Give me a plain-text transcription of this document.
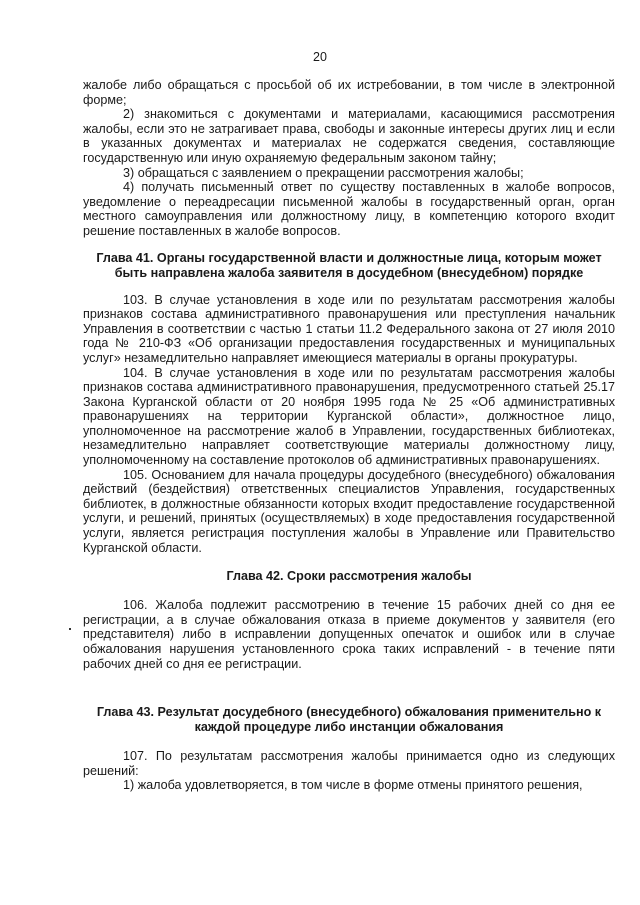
20

жалобе либо обращаться с просьбой об их истребовании, в том числе в электронной форме;

2) знакомиться с документами и материалами, касающимися рассмотрения жалобы, если это не затрагивает права, свободы и законные интересы других лиц и если в указанных документах и материалах не содержатся сведения, составляющие государственную или иную охраняемую федеральным законом тайну;

3) обращаться с заявлением о прекращении рассмотрения жалобы;

4) получать письменный ответ по существу поставленных в жалобе вопросов, уведомление о переадресации письменной жалобы в государственный орган, орган местного самоуправления или должностному лицу, в компетенцию которого входит решение поставленных в жалобе вопросов.

Глава 41. Органы государственной власти и должностные лица, которым может быть направлена жалоба заявителя в досудебном (внесудебном) порядке

103. В случае установления в ходе или по результатам рассмотрения жалобы признаков состава административного правонарушения или преступления начальник Управления в соответствии с частью 1 статьи 11.2 Федерального закона от 27 июля 2010 года № 210-ФЗ «Об организации предоставления государственных и муниципальных услуг» незамедлительно направляет имеющиеся материалы в органы прокуратуры.

104. В случае установления в ходе или по результатам рассмотрения жалобы признаков состава административного правонарушения, предусмотренного статьей 25.17 Закона Курганской области от 20 ноября 1995 года № 25 «Об административных правонарушениях на территории Курганской области», должностное лицо, уполномоченное на рассмотрение жалоб в Управлении, государственных библиотеках, незамедлительно направляет соответствующие материалы должностному лицу, уполномоченному на составление протоколов об административных правонарушениях.

105. Основанием для начала процедуры досудебного (внесудебного) обжалования действий (бездействия) ответственных специалистов Управления, государственных библиотек, в должностные обязанности которых входит предоставление государственной услуги, и решений, принятых (осуществляемых) в ходе предоставления государственной услуги, является регистрация поступления жалобы в Управление или Правительство Курганской области.

Глава 42. Сроки рассмотрения жалобы

106. Жалоба подлежит рассмотрению в течение 15 рабочих дней со дня ее регистрации, а в случае обжалования отказа в приеме документов у заявителя (его представителя) либо в исправлении допущенных опечаток и ошибок или в случае обжалования нарушения установленного срока таких исправлений - в течение пяти рабочих дней со дня ее регистрации.

Глава 43. Результат досудебного (внесудебного) обжалования применительно к каждой процедуре либо инстанции обжалования

107. По результатам рассмотрения жалобы принимается одно из следующих решений:

1) жалоба удовлетворяется, в том числе в форме отмены принятого решения,
